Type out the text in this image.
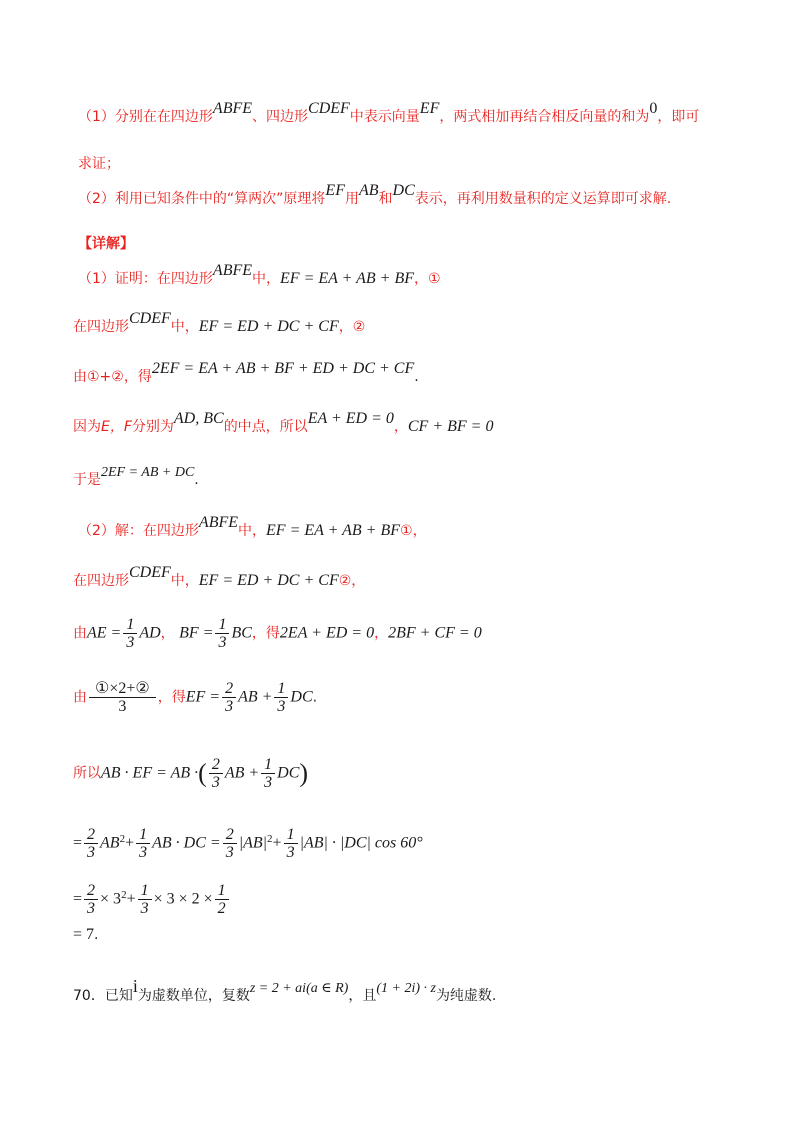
（1）分别在在四边形ABFE、四边形CDEF中表示向量EF，两式相加再结合相反向量的和为0，即可
求证；
（2）利用已知条件中的“算两次”原理将EF用AB和DC表示，再利用数量积的定义运算即可求解.
【详解】
（1）证明：在四边形ABFE中，EF = EA + AB + BF，①
在四边形CDEF中，EF = ED + DC + CF，②
由①+②，得2EF = EA + AB + BF + ED + DC + CF.
因为E，F分别为AD, BC的中点，所以EA + ED = 0，CF + BF = 0
于是2EF = AB + DC.
（2）解：在四边形ABFE中，EF = EA + AB + BF①，
在四边形CDEF中，EF = ED + DC + CF②，
由AE = $\frac{1}{3}$ AD， BF = $\frac{1}{3}$ BC，得2EA + ED = 0，2BF + CF = 0
由 $\frac{\text{①×2+②}}{3}$ ，得EF = $\frac{2}{3}$ AB + $\frac{1}{3}$ DC.
所以AB · EF = AB ·( $\frac{2}{3}$ AB + $\frac{1}{3} DC$)
= $\frac{2}{3} AB^2+ \frac{1}{3}$ AB · DC = $\frac{2}{3} |AB|^2+ \frac{1}{3} |AB| \cdot |DC|$ cos 60°
= $\frac{2}{3} \times 3^2+ \frac{1}{3} \times 3 \times 2 \times \frac{1}{2}$
= 7.
70．已知i为虚数单位，复数z = 2 + ai(a ∈ R)，且(1 + 2i) · z为纯虚数.
